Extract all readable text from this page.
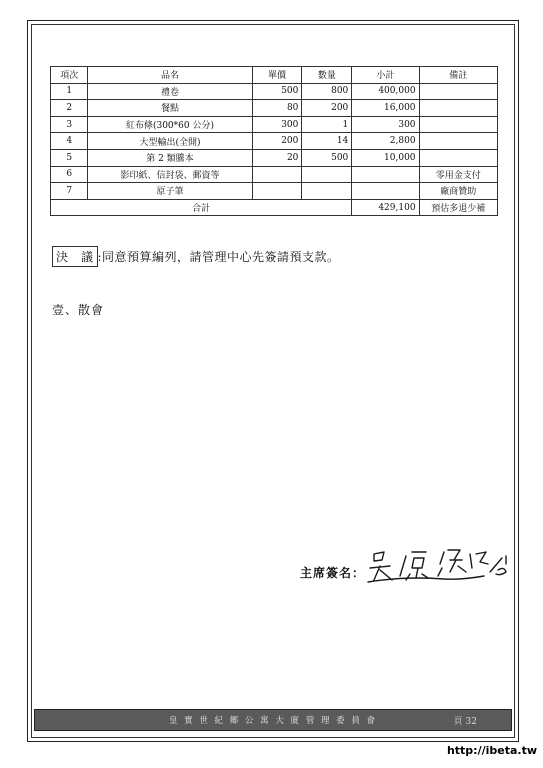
項次	品名	單價	數量	小計	備註
1	禮卷	500	800	400,000	
2	餐點	80	200	16,000	
3	紅布條(300*60 公分)	300	1	300	
4	大型輸出(全開)	200	14	2,800	
5	第 2 類騰本	20	500	10,000	
6	影印紙、信封袋、郵資等				零用金支付
7	原子筆				廠商贊助
合計				429,100	預估多退少補
決　議 :同意預算編列，請管理中心先簽請預支款。
壹、散會
主席簽名：
皇 實 世 紀 鄉 公 寓 大 廈 管 理 委 員 會	頁 32
http://ibeta.tw
